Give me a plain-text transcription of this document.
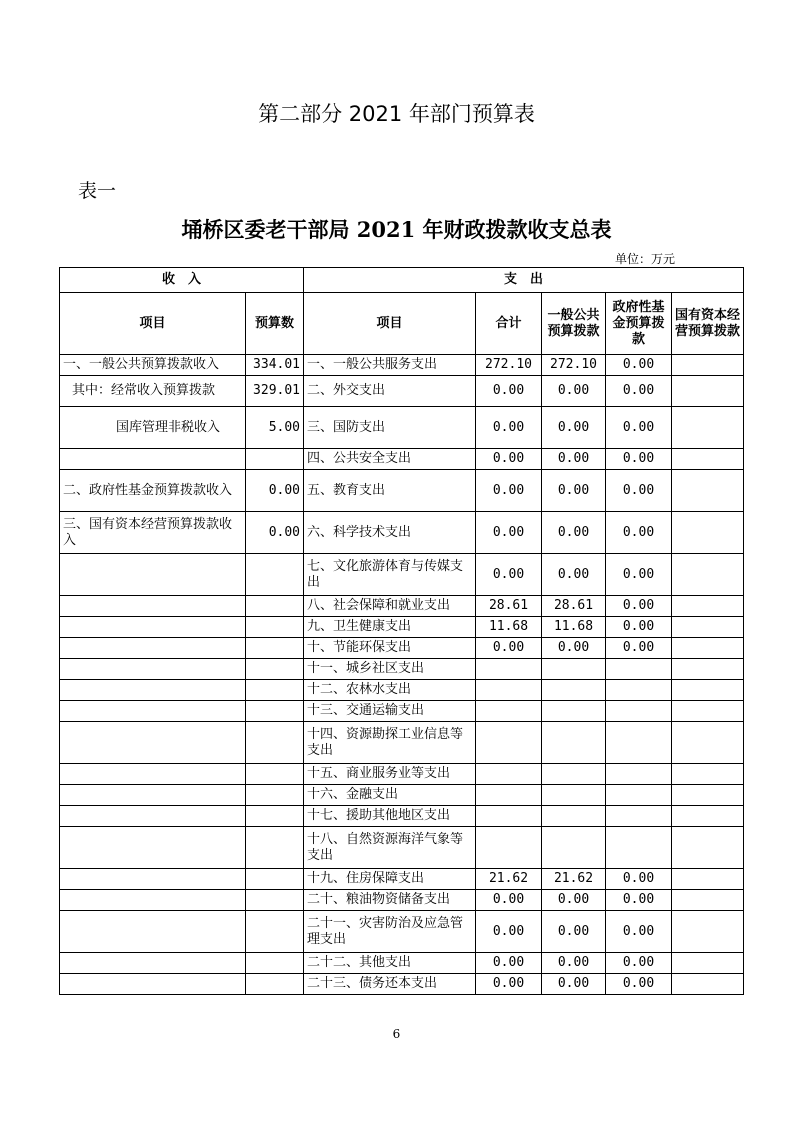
第二部分 2021 年部门预算表
表一
埇桥区委老干部局 2021 年财政拨款收支总表
单位：万元
收　入		支　出				
项目	预算数	项目	合计	一般公共预算拨款	政府性基金预算拨款	国有资本经营预算拨款
一、一般公共预算拨款收入	334.01	一、一般公共服务支出	272.10	272.10	0.00	
其中：经常收入预算拨款	329.01	二、外交支出	0.00	0.00	0.00	
国库管理非税收入	5.00	三、国防支出	0.00	0.00	0.00	
		四、公共安全支出	0.00	0.00	0.00	
二、政府性基金预算拨款收入	0.00	五、教育支出	0.00	0.00	0.00	
三、国有资本经营预算拨款收入	0.00	六、科学技术支出	0.00	0.00	0.00	
		七、文化旅游体育与传媒支出	0.00	0.00	0.00	
		八、社会保障和就业支出	28.61	28.61	0.00	
		九、卫生健康支出	11.68	11.68	0.00	
		十、节能环保支出	0.00	0.00	0.00	
		十一、城乡社区支出				
		十二、农林水支出				
		十三、交通运输支出				
		十四、资源勘探工业信息等支出				
		十五、商业服务业等支出				
		十六、金融支出				
		十七、援助其他地区支出				
		十八、自然资源海洋气象等支出				
		十九、住房保障支出	21.62	21.62	0.00	
		二十、粮油物资储备支出	0.00	0.00	0.00	
		二十一、灾害防治及应急管理支出	0.00	0.00	0.00	
		二十二、其他支出	0.00	0.00	0.00	
		二十三、债务还本支出	0.00	0.00	0.00	
6
